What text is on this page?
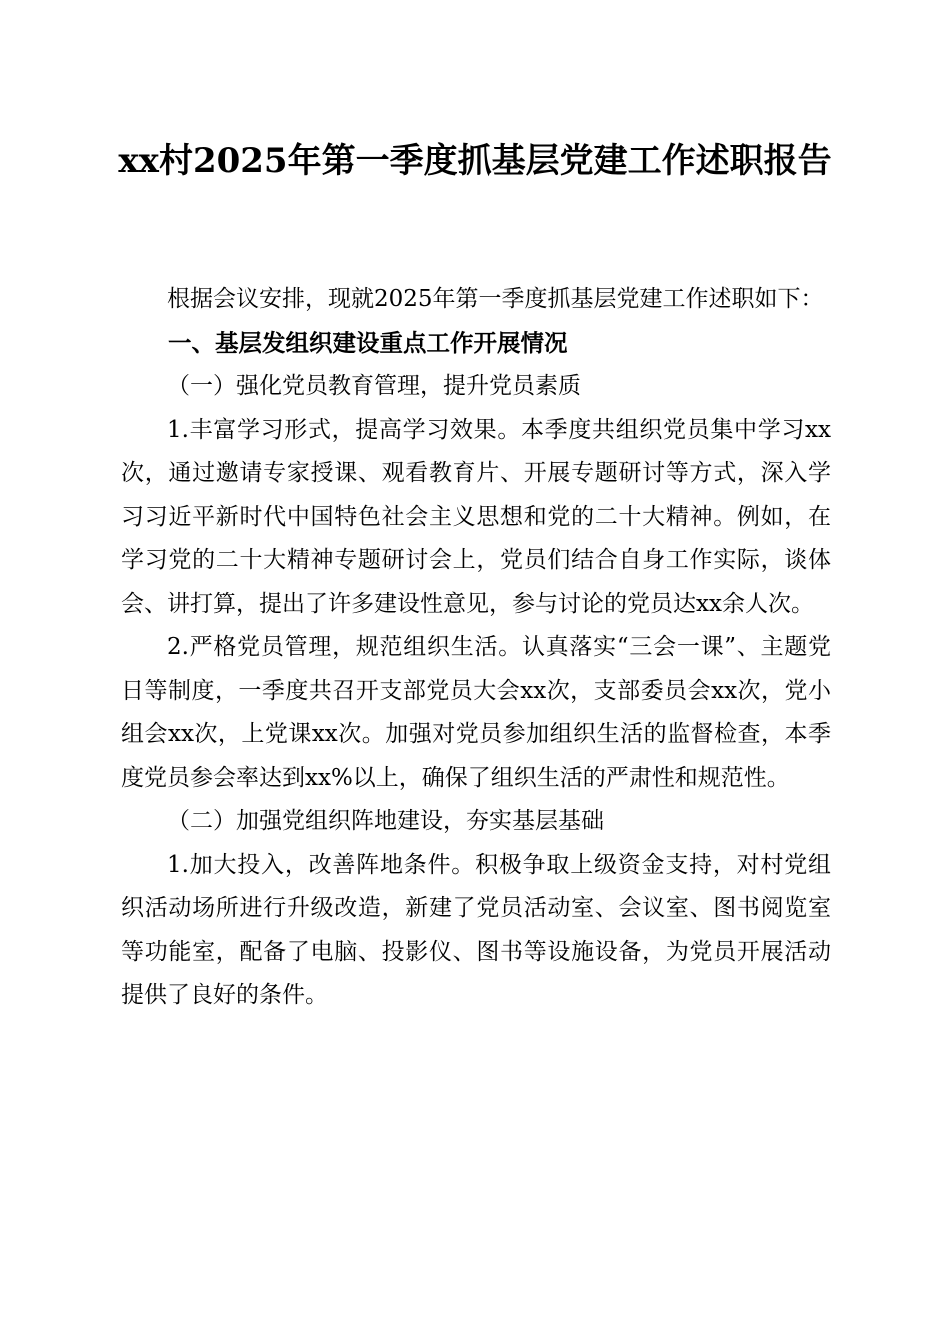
xx村2025年第一季度抓基层党建工作述职报告

根据会议安排，现就2025年第一季度抓基层党建工作述职如下：

一、基层发组织建设重点工作开展情况

（一）强化党员教育管理，提升党员素质

1.丰富学习形式，提高学习效果。本季度共组织党员集中学习xx次，通过邀请专家授课、观看教育片、开展专题研讨等方式，深入学习习近平新时代中国特色社会主义思想和党的二十大精神。例如，在学习党的二十大精神专题研讨会上，党员们结合自身工作实际，谈体会、讲打算，提出了许多建设性意见，参与讨论的党员达xx余人次。

2.严格党员管理，规范组织生活。认真落实“三会一课”、主题党日等制度，一季度共召开支部党员大会xx次，支部委员会xx次，党小组会xx次，上党课xx次。加强对党员参加组织生活的监督检查，本季度党员参会率达到xx%以上，确保了组织生活的严肃性和规范性。

（二）加强党组织阵地建设，夯实基层基础

1.加大投入，改善阵地条件。积极争取上级资金支持，对村党组织活动场所进行升级改造，新建了党员活动室、会议室、图书阅览室等功能室，配备了电脑、投影仪、图书等设施设备，为党员开展活动提供了良好的条件。
